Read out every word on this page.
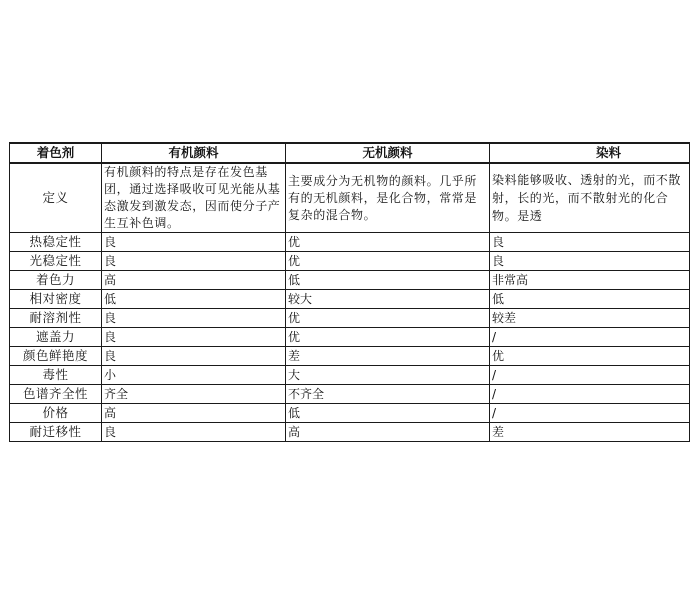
着色剂	有机颜料	无机颜料	染料
定义	有机颜料的特点是存在发色基团，通过选择吸收可见光能从基态激发到激发态，因而使分子产生互补色调。	主要成分为无机物的颜料。几乎所有的无机颜料，是化合物，常常是复杂的混合物。	染料能够吸收、透射的光，而不散射，长的光，而不散射光的化合物。是透
热稳定性	良	优	良
光稳定性	良	优	良
着色力	高	低	非常高
相对密度	低	较大	低
耐溶剂性	良	优	较差
遮盖力	良	优	/
颜色鲜艳度	良	差	优
毒性	小	大	/
色谱齐全性	齐全	不齐全	/
价格	高	低	/
耐迁移性	良	高	差
